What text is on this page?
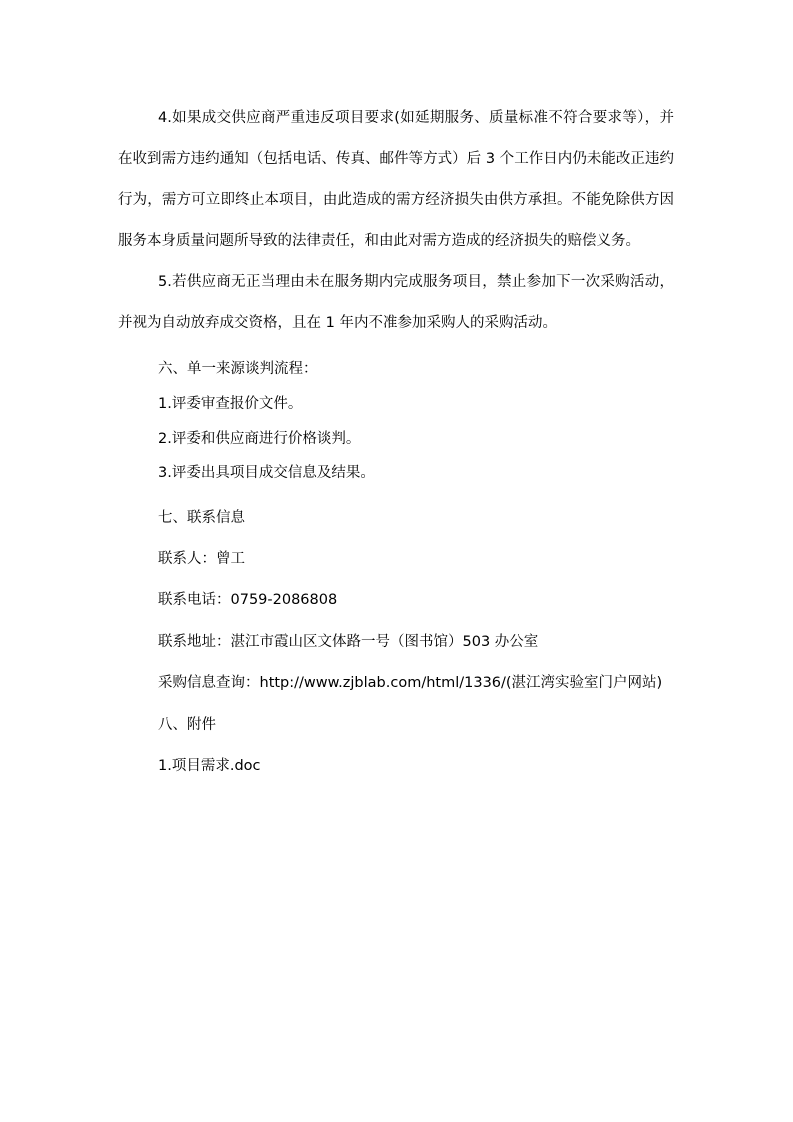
4.如果成交供应商严重违反项目要求(如延期服务、质量标准不符合要求等），并在收到需方违约通知（包括电话、传真、邮件等方式）后 3 个工作日内仍未能改正违约行为，需方可立即终止本项目，由此造成的需方经济损失由供方承担。不能免除供方因服务本身质量问题所导致的法律责任，和由此对需方造成的经济损失的赔偿义务。

5.若供应商无正当理由未在服务期内完成服务项目，禁止参加下一次采购活动，并视为自动放弃成交资格，且在 1 年内不准参加采购人的采购活动。

六、单一来源谈判流程：

1.评委审查报价文件。

2.评委和供应商进行价格谈判。

3.评委出具项目成交信息及结果。

七、联系信息

联系人：曾工

联系电话：0759-2086808

联系地址：湛江市霞山区文体路一号（图书馆）503 办公室

采购信息查询：http://www.zjblab.com/html/1336/(湛江湾实验室门户网站)

八、附件

1.项目需求.doc
